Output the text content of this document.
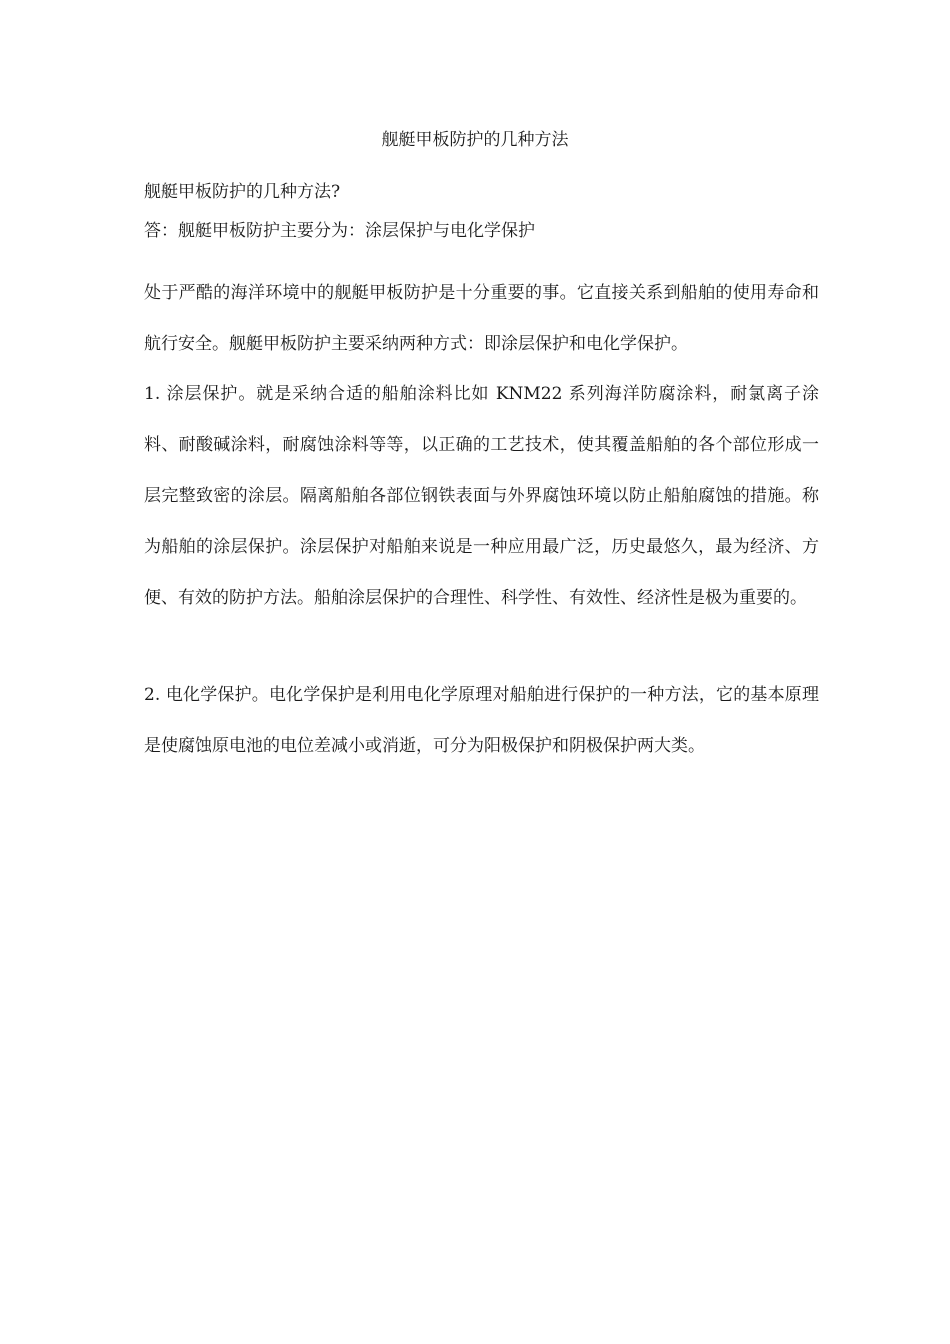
舰艇甲板防护的几种方法

舰艇甲板防护的几种方法?

答：舰艇甲板防护主要分为：涂层保护与电化学保护

处于严酷的海洋环境中的舰艇甲板防护是十分重要的事。它直接关系到船舶的使用寿命和航行安全。舰艇甲板防护主要采纳两种方式：即涂层保护和电化学保护。

1. 涂层保护。就是采纳合适的船舶涂料比如 KNM22 系列海洋防腐涂料，耐氯离子涂料、耐酸碱涂料，耐腐蚀涂料等等，以正确的工艺技术，使其覆盖船舶的各个部位形成一层完整致密的涂层。隔离船舶各部位钢铁表面与外界腐蚀环境以防止船舶腐蚀的措施。称为船舶的涂层保护。涂层保护对船舶来说是一种应用最广泛，历史最悠久，最为经济、方便、有效的防护方法。船舶涂层保护的合理性、科学性、有效性、经济性是极为重要的。

2. 电化学保护。电化学保护是利用电化学原理对船舶进行保护的一种方法，它的基本原理是使腐蚀原电池的电位差减小或消逝，可分为阳极保护和阴极保护两大类。
